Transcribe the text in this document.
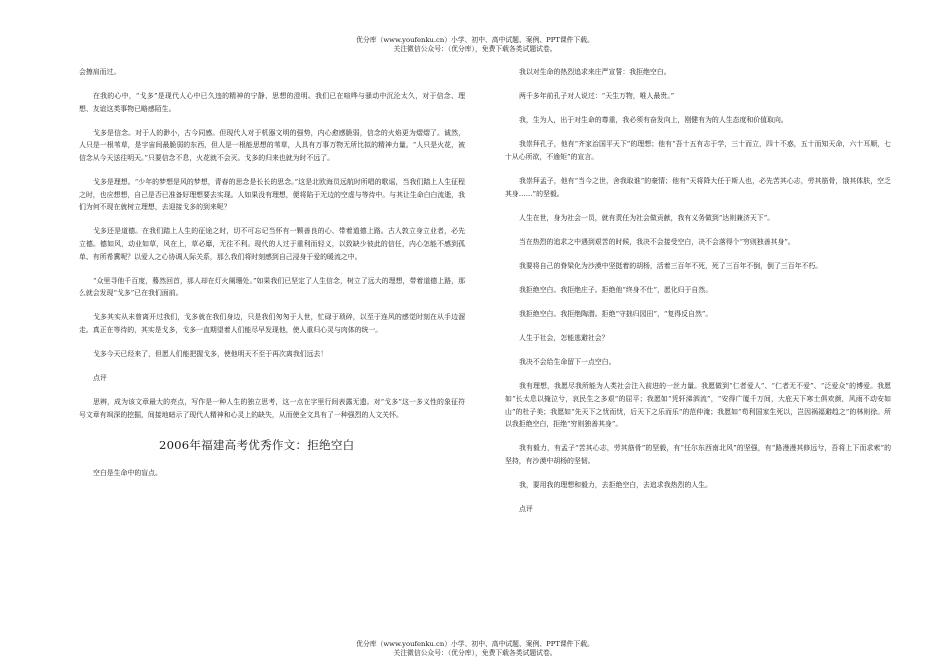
优分库（www.youfenku.cn）小学、初中、高中试题、案例、PPT课件下载。
关注微信公众号：（优分库），免费下载各类试题试卷。

会擦肩而过。

在我的心中，“戈多”是现代人心中已久违的精神的宁静、思想的澄明。我们已在喧哗与骚动中沉沦太久，对于信念、理想、友谊这类事物已略感陌生。

戈多是信念。对于人的渺小，古今同感。但现代人对于机器文明的强势，内心愈感脆弱，信念的火焰更为熠熠了。诚然，人只是一根苇草，是宇宙间最脆弱的东西，但人是一根能思想的苇草，人具有万事万物无所比拟的精神力量。“人只是火花，被信念从今天送往明天。”只要信念不息，火花就不会灭。戈多的归来也就为时不远了。

戈多是理想。“少年的梦想是风的梦想，青春的思念是长长的思念。”这是北欧海员远航时所唱的歌谣，当我们踏上人生征程之时，也应想想，自己是否已准备好理想要去实现。人如果没有理想，便将陷于无边的空虚与等待中。与其让生命白白流逝，我们为何不现在就树立理想，去迎接戈多的到来呢？

戈多还是道德。在我们踏上人生的征途之时，切不可忘记当怀有一颗善良的心、带着道德上路。古人敦立身立业者，必先立德。德如风，动业如草，风在上，草必靡，无往不利。现代的人过于重利而轻义，以致缺少彼此的信任，内心怎能不感到孤单、有所希冀呢？以爱人之心协调人际关系，那么我们将时刻感到自己浸身于爱的暖流之中。

“众里寻他千百度，蓦然回首，那人却在灯火阑珊处。”如果我们已坚定了人生信念，树立了远大的理想，带着道德上路，那么就会发现“戈多”已在我们面前。

戈多其实从未曾离开过我们，戈多就在我们身边，只是我们匆匆于人世，忙碌于琐碎，以至于连风的感觉时刻在从手边溜走。真正在等待的，其实是戈多，戈多一直期望着人们能尽早发现他，使人重归心灵与肉体的统一。

戈多今天已经来了，但愿人们能把握戈多，使他明天不至于再次离我们远去！

点评

思辨，成为该文章最大的亮点，写作是一种人生的独立思考，这一点在字里行间表露无遗。对“戈多”这一多义性的象征符号文章有飒深的挖掘，间接地暗示了现代人精神和心灵上的缺失，从而使全文具有了一种强烈的人文关怀。

2006年福建高考优秀作文：拒绝空白

空白是生命中的盲点。

我以对生命的热烈追求来庄严宣誓：我拒绝空白。

两千多年前孔子对人说过：“天生万物，唯人最贵。”

我，生为人，出于对生命的尊重，我必须有奋发向上，刚健有为的人生态度和价值取向。

我崇拜孔子，他有“齐家治国平天下”的理想；他有“吾十五有志于学，三十而立，四十不惑，五十而知天命，六十耳顺，七十从心所欲，不逾矩”的宣言。

我崇拜孟子，他有“当今之世，舍我取谁”的豪情；他有“天将降大任于斯人也，必先苦其心志，劳其筋骨，饿其体肤，空乏其身……”的坚毅。

人生在世，身为社会一员，就有责任为社会做贡献，我有义务做到“达则兼济天下”。

当在热烈的追求之中遇到艰苦的时候，我决不会接受空白，决不会落得个“穷则独善其身”。

我要将自己的脊梁化为沙漠中坚挺着的胡杨，活着三百年不死，死了三百年不倒，倒了三百年不朽。

我拒绝空白。我拒绝庄子。拒绝他“终身不仕”，愿化归于自然。

我拒绝空白。我拒绝陶潜。拒绝“守拙归园田”，“复得反自然”。

人生于社会，怎能逃避社会？

我决不会给生命留下一点空白。

我有理想，我愿尽我所能为人类社会注入前进的一丝力量。我愿做到“仁者爱人”、“仁者无不爱”、“泛爱众”的博爱。我愿如“长太息以掩泣兮，哀民生之多艰”的屈平；我愿如“凭轩涕泗流”，“安得广厦千万间，大庇天下寒士俱欢颜，风雨不动安如山”的杜子美；我愿如“先天下之忧而忧，后天下之乐而乐”的范仲淹；我愿如“苟利国家生死以，岂因祸福避趋之”的林则徐。所以我拒绝空白，拒绝“穷则独善其身”。

我有毅力，有孟子“苦其心志，劳其筋骨”的坚毅，有“任尔东西南北风”的坚强，有“路漫漫其修远兮，吾将上下而求索”的坚持，有沙漠中胡杨的坚韧。

我，要用我的理想和毅力，去拒绝空白，去追求我热烈的人生。

点评

优分库（www.youfenku.cn）小学、初中、高中试题、案例、PPT课件下载。
关注微信公众号：（优分库），免费下载各类试题试卷。
